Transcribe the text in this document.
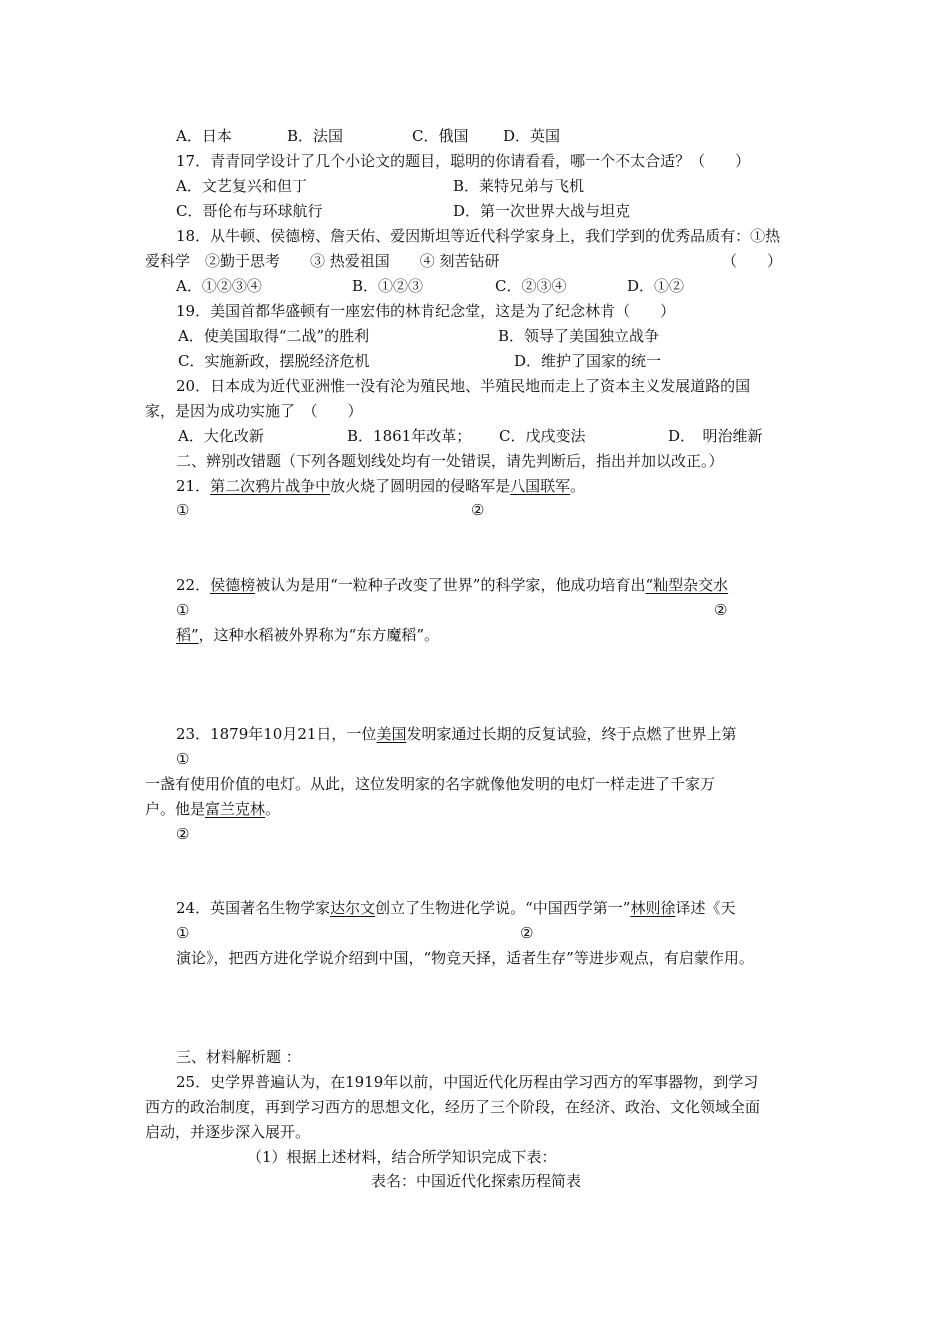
A．日本	B．法国	C．俄国 D．英国
17．青青同学设计了几个小论文的题目，聪明的你请看看，哪一个不太合适？（　　）
A．文艺复兴和但丁	B．莱特兄弟与飞机
C．哥伦布与环球航行	D．第一次世界大战与坦克
18．从牛顿、侯德榜、詹天佑、爱因斯坦等近代科学家身上，我们学到的优秀品质有：①热
爱科学　②勤于思考　　③ 热爱祖国　　④ 刻苦钻研	（　　）
A．①②③④	B．①②③	C．②③④	D．①②
19．美国首都华盛顿有一座宏伟的林肯纪念堂，这是为了纪念林肯（　　）
A．使美国取得“二战”的胜利	B．领导了美国独立战争
C．实施新政，摆脱经济危机	D．维护了国家的统一
20．日本成为近代亚洲惟一没有沦为殖民地、半殖民地而走上了资本主义发展道路的国
家，是因为成功实施了　（　　）
A．大化改新	B．1861年改革； C．戊戌变法	D．　明治维新
二、辨别改错题（下列各题划线处均有一处错误，请先判断后，指出并加以改正。）
21．第二次鸦片战争中放火烧了圆明园的侵略军是八国联军。
①	②
22．侯德榜被认为是用“一粒种子改变了世界”的科学家，他成功培育出“籼型杂交水
①	②
稻”，这种水稻被外界称为“东方魔稻”。
23．1879年10月21日，一位美国发明家通过长期的反复试验，终于点燃了世界上第
①
一盏有使用价值的电灯。从此，这位发明家的名字就像他发明的电灯一样走进了千家万
户。他是富兰克林。
②
24．英国著名生物学家达尔文创立了生物进化学说。“中国西学第一”林则徐译述《天
①	②
演论》，把西方进化学说介绍到中国，“物竞天择，适者生存”等进步观点，有启蒙作用。
三、材料解析题 ：
25．史学界普遍认为，在1919年以前，中国近代化历程由学习西方的军事器物，到学习
西方的政治制度，再到学习西方的思想文化，经历了三个阶段，在经济、政治、文化领域全面
启动，并逐步深入展开。
（1）根据上述材料，结合所学知识完成下表：
表名：中国近代化探索历程简表
